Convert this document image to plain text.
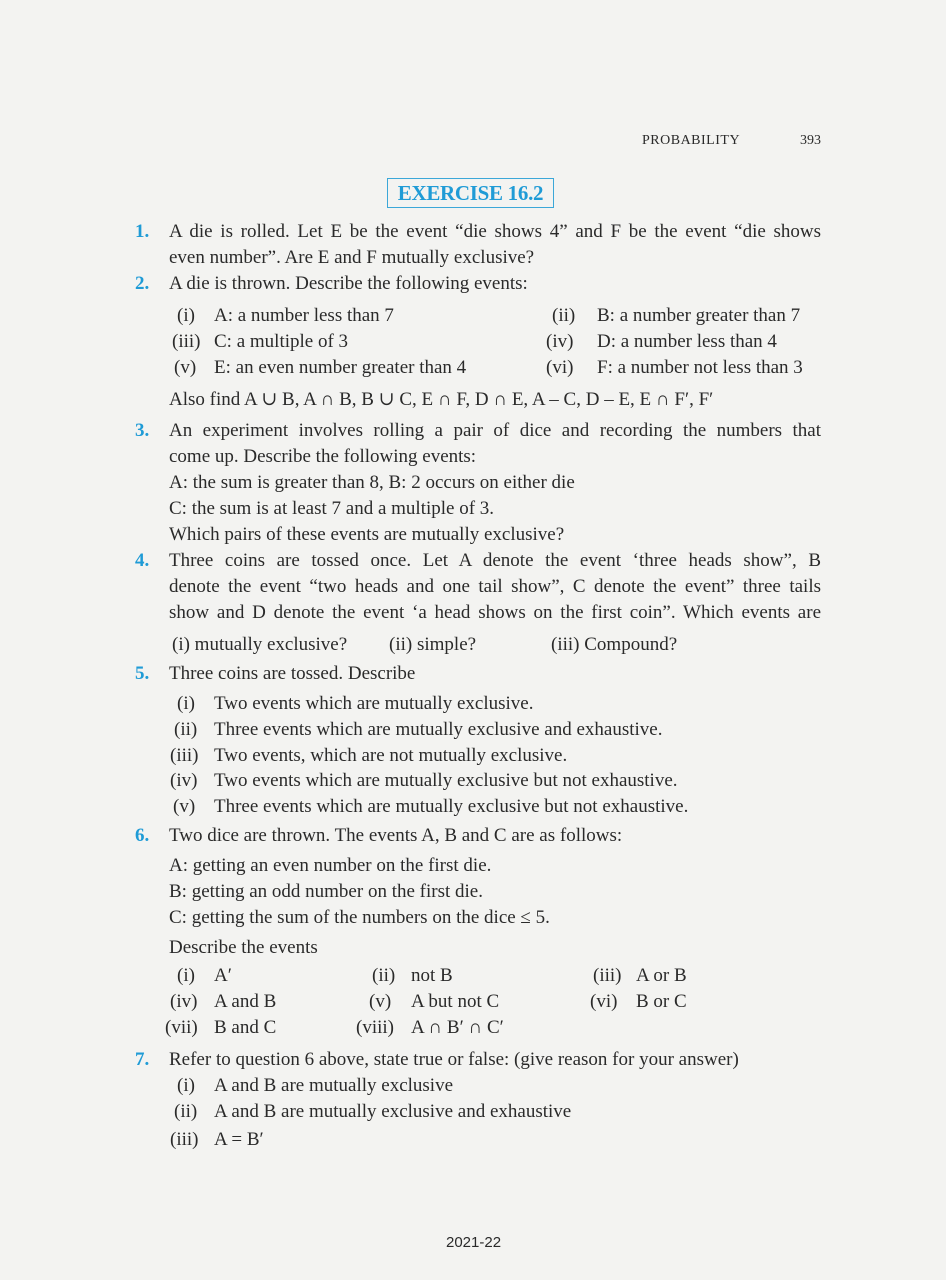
PROBABILITY	393
EXERCISE 16.2
1. A die is rolled. Let E be the event “die shows 4” and F be the event “die shows
even number”. Are E and F mutually exclusive?
2. A die is thrown. Describe the following events:
(i) A: a number less than 7	(ii) B: a number greater than 7
(iii) C: a multiple of 3	(iv) D: a number less than 4
(v) E: an even number greater than 4	(vi) F: a number not less than 3
Also find A ∪ B, A ∩ B, B ∪ C, E ∩ F, D ∩ E, A – C, D – E, E ∩ F′, F′
3. An experiment involves rolling a pair of dice and recording the numbers that
come up. Describe the following events:
A: the sum is greater than 8, B: 2 occurs on either die
C: the sum is at least 7 and a multiple of 3.
Which pairs of these events are mutually exclusive?
4. Three coins are tossed once. Let A denote the event ‘three heads show”, B
denote the event “two heads and one tail show”, C denote the event” three tails
show and D denote the event ‘a head shows on the first coin”. Which events are
(i) mutually exclusive? (ii) simple?	(iii) Compound?
5. Three coins are tossed. Describe
(i) Two events which are mutually exclusive.
(ii) Three events which are mutually exclusive and exhaustive.
(iii) Two events, which are not mutually exclusive.
(iv) Two events which are mutually exclusive but not exhaustive.
(v) Three events which are mutually exclusive but not exhaustive.
6. Two dice are thrown. The events A, B and C are as follows:
A: getting an even number on the first die.
B: getting an odd number on the first die.
C: getting the sum of the numbers on the dice ≤ 5.
Describe the events
(i) A′	(ii) not B	(iii) A or B
(iv) A and B	(v) A but not C	(vi) B or C
(vii) B and C	(viii) A ∩ B′ ∩ C′
7. Refer to question 6 above, state true or false: (give reason for your answer)
(i) A and B are mutually exclusive
(ii) A and B are mutually exclusive and exhaustive
(iii) A = B′
2021-22
